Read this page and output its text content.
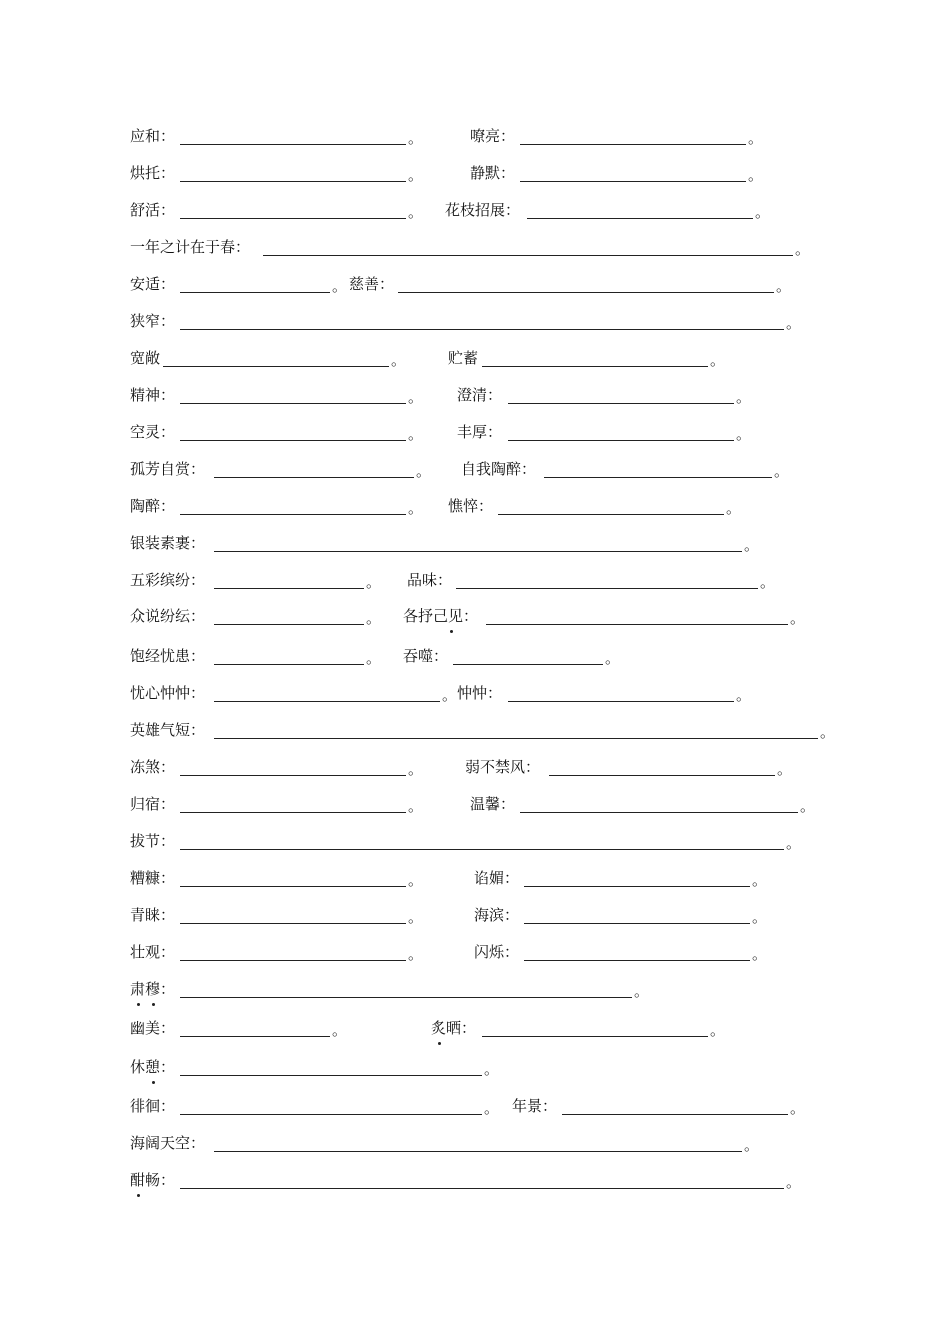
应和：	。	嘹亮：	。
烘托：	。	静默：	。
舒活：	。 花枝招展：	。
一年之计在于春：	。
安适：	。 慈善：	。
狭窄：	。
宽敞	。	贮蓄	。
精神：	。 澄清：	。
空灵：	。 丰厚：	。
孤芳自赏：	。 自我陶醉：	。
陶醉：	。 憔悴：	。
银装素裹：	。
五彩缤纷：	。 品味：	。
众说纷纭：	。 各抒己见：	。
饱经忧患：	。 吞噬：	。
忧心忡忡：	。 忡忡：	。
英雄气短：	。
冻煞：	。	弱不禁风：	。
归宿：	。	温馨：	。
拔节：	。
糟糠：	。	谄媚：	。
青睐：	。	海滨：	。
壮观：	。	闪烁：	。
肃穆：	。
幽美：	。	炙晒：	。
休憩：	。
徘徊：	。 年景：	。
海阔天空：	。
酣畅：	。
